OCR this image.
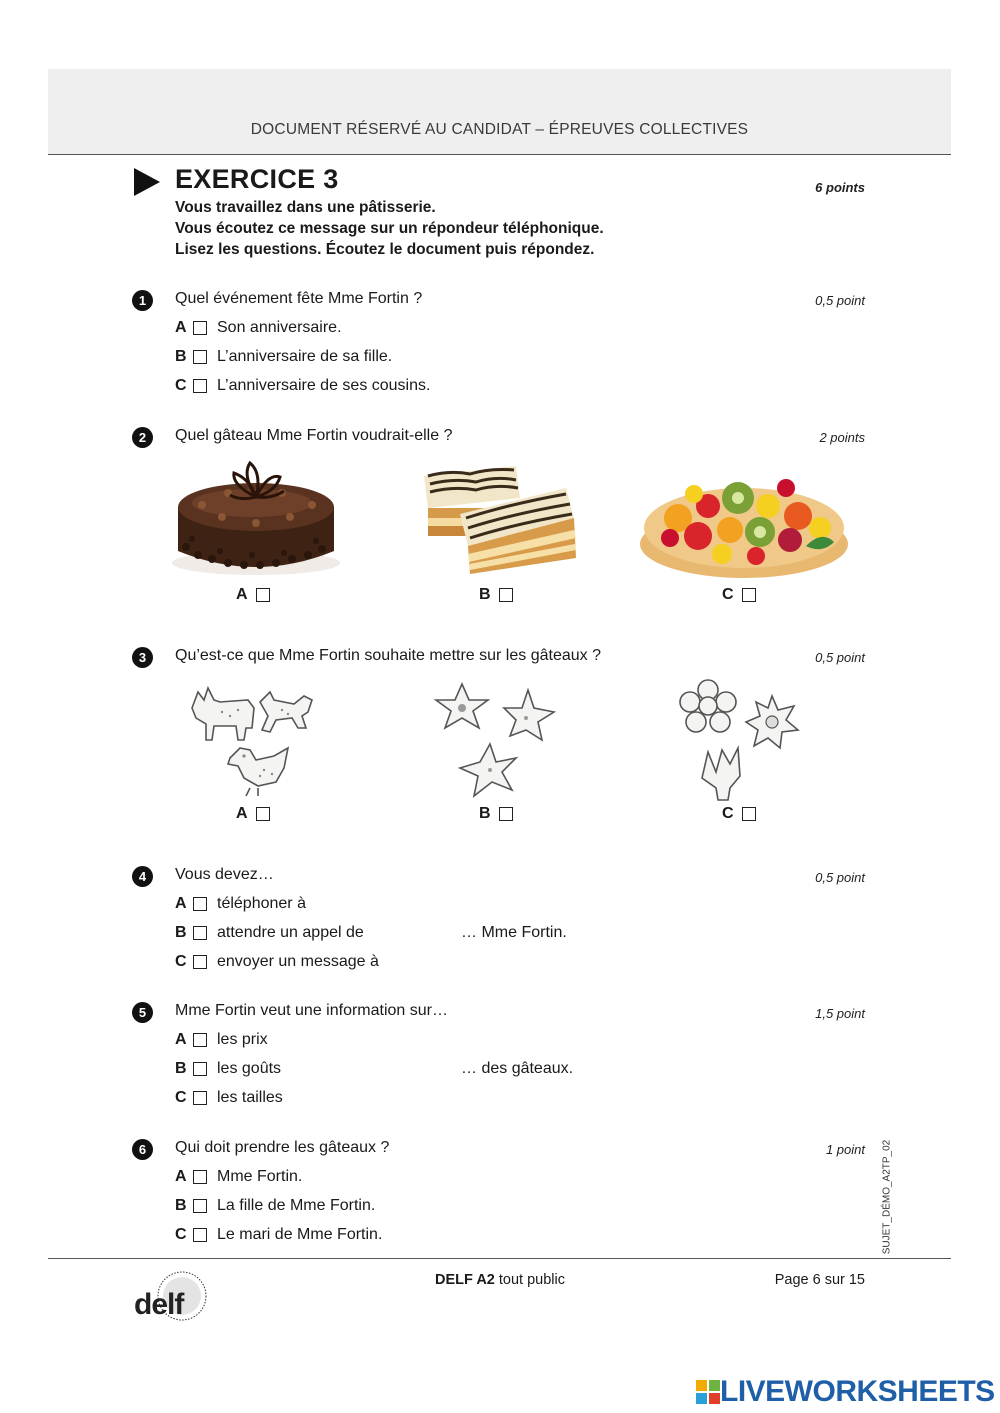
DOCUMENT RÉSERVÉ AU CANDIDAT – ÉPREUVES COLLECTIVES
EXERCICE 3	6 points
Vous travaillez dans une pâtisserie.
Vous écoutez ce message sur un répondeur téléphonique.
Lisez les questions. Écoutez le document puis répondez.
1	Quel événement fête Mme Fortin ?	0,5 point
A	Son anniversaire.
B	L’anniversaire de sa fille.
C	L’anniversaire de ses cousins.
2	Quel gâteau Mme Fortin voudrait-elle ?	2 points
A	B	C
3	Qu’est-ce que Mme Fortin souhaite mettre sur les gâteaux ?	0,5 point
A	B	C
4	Vous devez…	0,5 point
A	téléphoner à
B	attendre un appel de
C	envoyer un message à
… Mme Fortin.
5	Mme Fortin veut une information sur…	1,5 point
A	les prix
B	les goûts
C	les tailles
… des gâteaux.
6	Qui doit prendre les gâteaux ?	1 point
A	Mme Fortin.
B	La fille de Mme Fortin.
C	Le mari de Mme Fortin.	SUJET_DÉMO_A2TP_02
delf
DELF A2 tout public	Page 6 sur 15
LIVEWORKSHEETS
